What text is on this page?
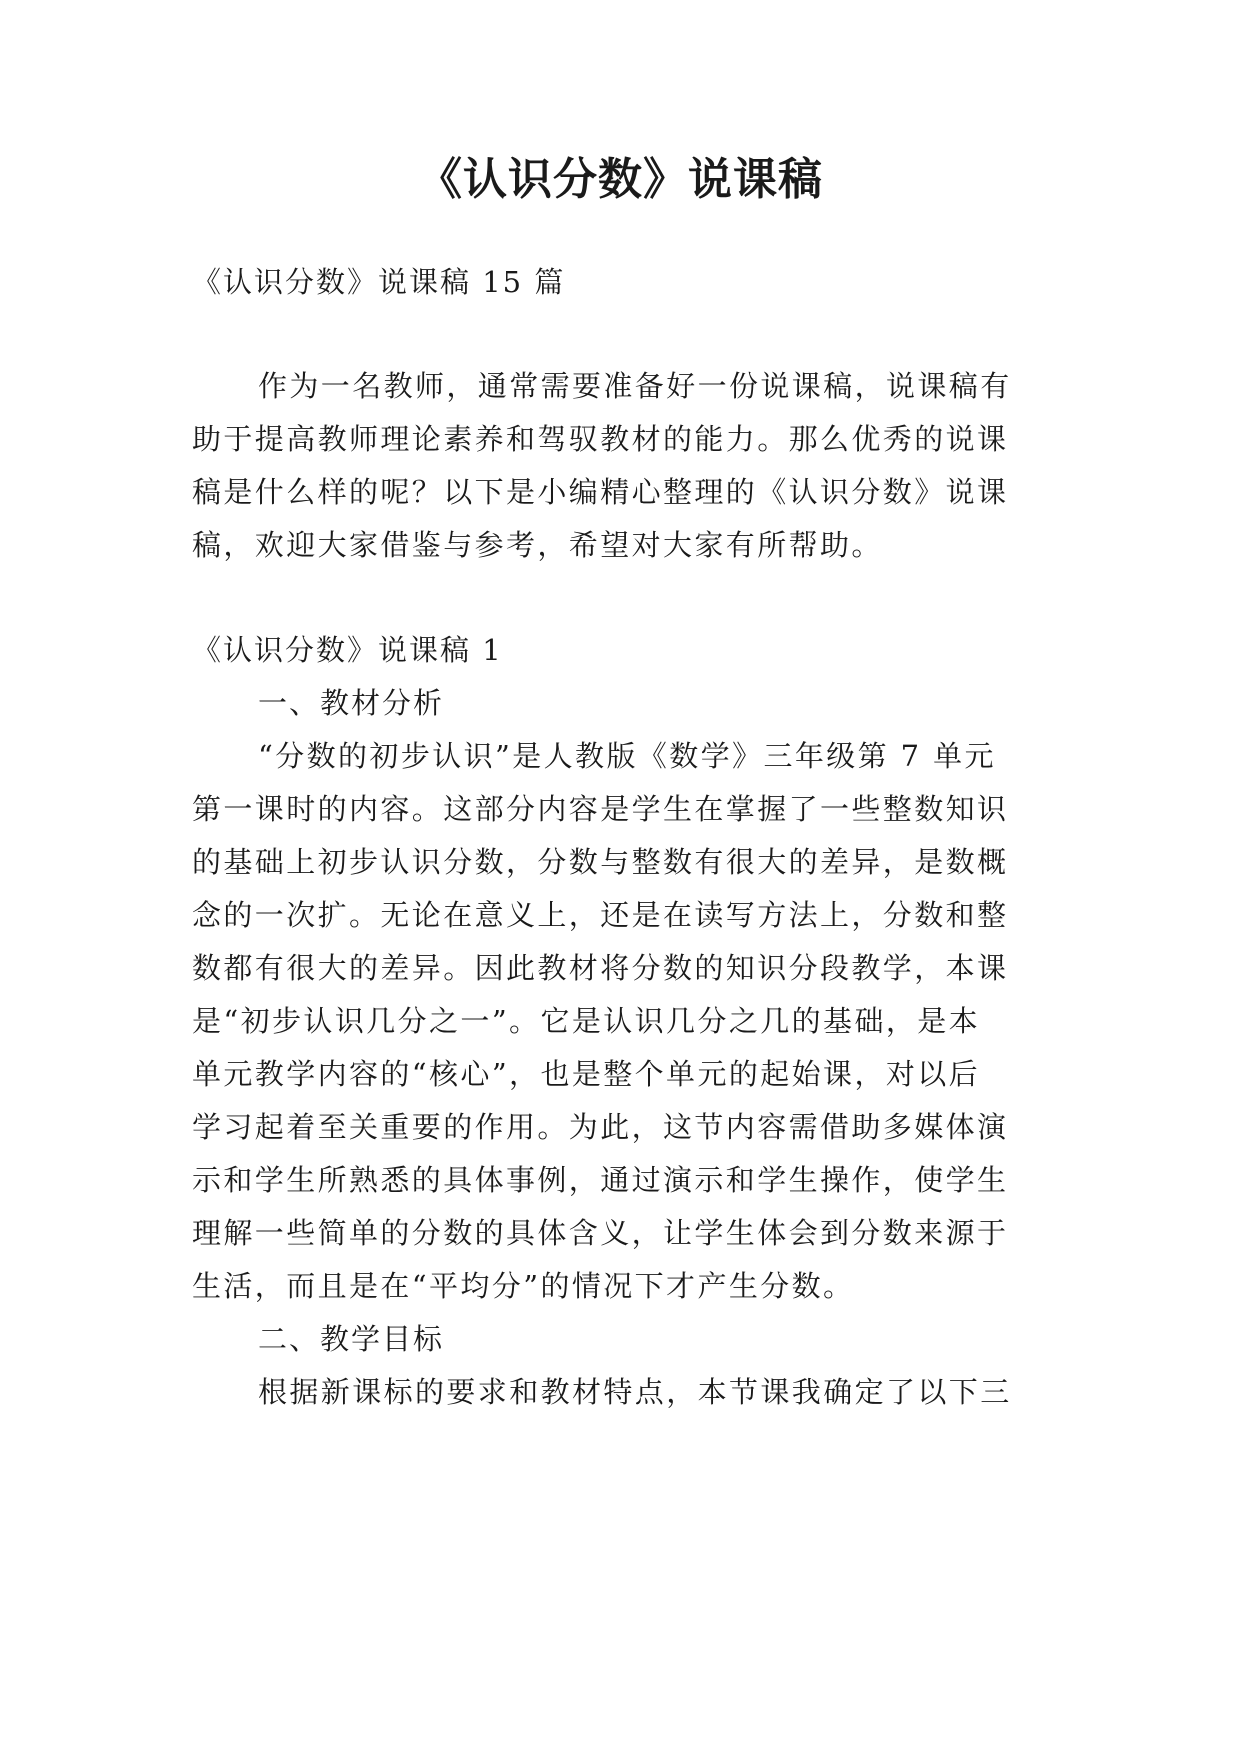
《认识分数》说课稿

《认识分数》说课稿 15 篇

作为一名教师，通常需要准备好一份说课稿，说课稿有

助于提高教师理论素养和驾驭教材的能力。那么优秀的说课

稿是什么样的呢？以下是小编精心整理的《认识分数》说课

稿，欢迎大家借鉴与参考，希望对大家有所帮助。

《认识分数》说课稿 1

一、教材分析

“分数的初步认识”是人教版《数学》三年级第 7 单元

第一课时的内容。这部分内容是学生在掌握了一些整数知识

的基础上初步认识分数，分数与整数有很大的差异，是数概

念的一次扩。无论在意义上，还是在读写方法上，分数和整

数都有很大的差异。因此教材将分数的知识分段教学，本课

是“初步认识几分之一”。它是认识几分之几的基础，是本

单元教学内容的“核心”，也是整个单元的起始课，对以后

学习起着至关重要的作用。为此，这节内容需借助多媒体演

示和学生所熟悉的具体事例，通过演示和学生操作，使学生

理解一些简单的分数的具体含义，让学生体会到分数来源于

生活，而且是在“平均分”的情况下才产生分数。

二、教学目标

根据新课标的要求和教材特点，本节课我确定了以下三
